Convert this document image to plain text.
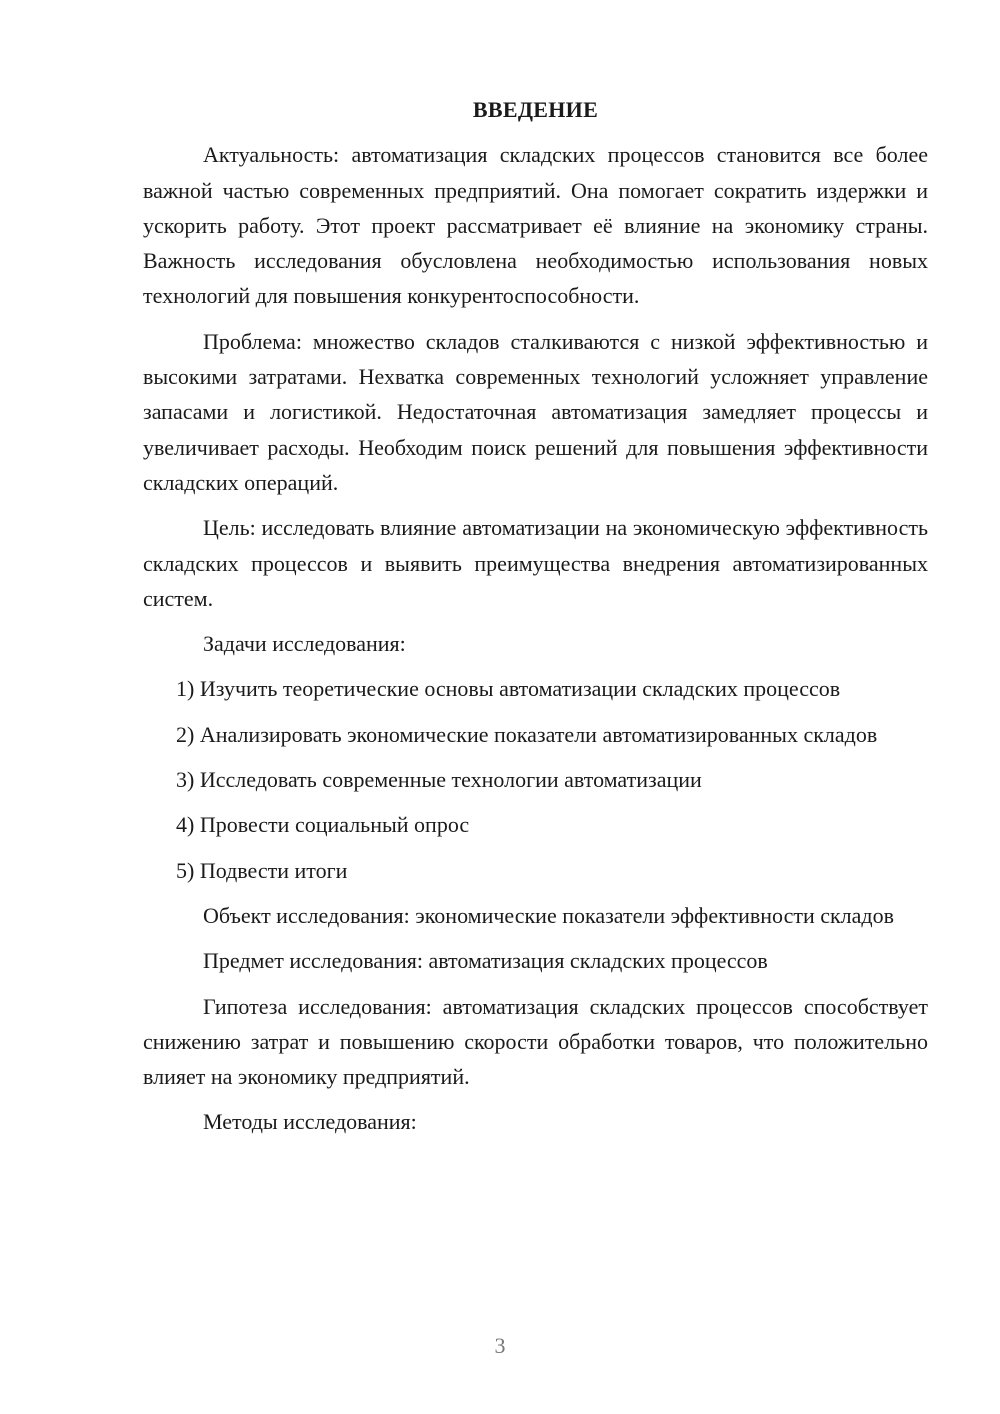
ВВЕДЕНИЕ
Актуальность: автоматизация складских процессов становится все более важной частью современных предприятий. Она помогает сократить издержки и ускорить работу. Этот проект рассматривает её влияние на экономику страны. Важность исследования обусловлена необходимостью использования новых технологий для повышения конкурентоспособности.
Проблема: множество складов сталкиваются с низкой эффективностью и высокими затратами. Нехватка современных технологий усложняет управление запасами и логистикой. Недостаточная автоматизация замедляет процессы и увеличивает расходы. Необходим поиск решений для повышения эффективности складских операций.
Цель: исследовать влияние автоматизации на экономическую эффективность складских процессов и выявить преимущества внедрения автоматизированных систем.
Задачи исследования:
1) Изучить теоретические основы автоматизации складских процессов
2) Анализировать экономические показатели автоматизированных складов
3) Исследовать современные технологии автоматизации
4) Провести социальный опрос
5) Подвести итоги
Объект исследования: экономические показатели эффективности складов
Предмет исследования: автоматизация складских процессов
Гипотеза исследования: автоматизация складских процессов способствует снижению затрат и повышению скорости обработки товаров, что положительно влияет на экономику предприятий.
Методы исследования:
3
